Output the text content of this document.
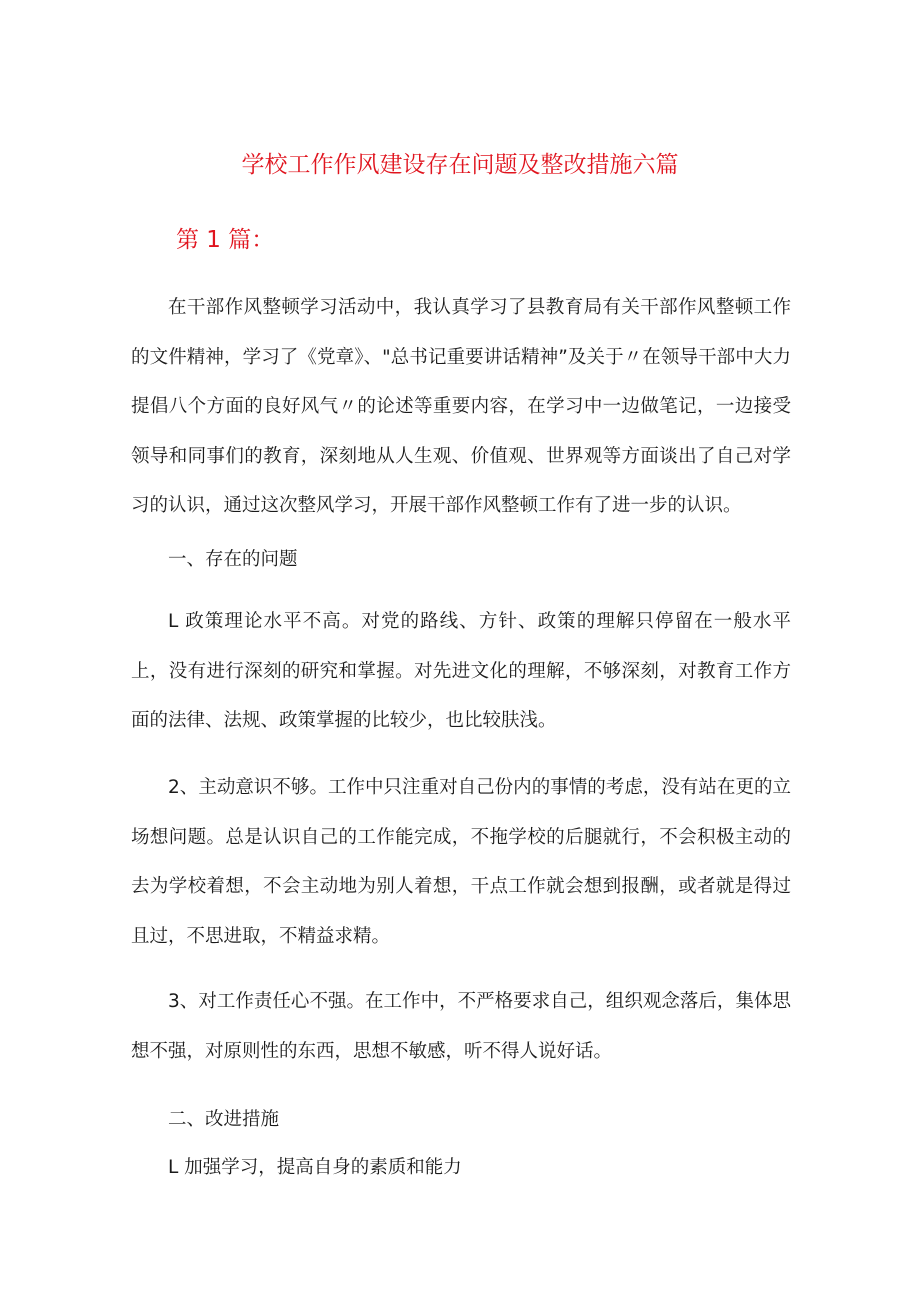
学校工作作风建设存在问题及整改措施六篇
第 1 篇：

在干部作风整顿学习活动中，我认真学习了县教育局有关干部作风整顿工作的文件精神，学习了《党章》、"总书记重要讲话精神”及关于〃在领导干部中大力提倡八个方面的良好风气〃的论述等重要内容，在学习中一边做笔记，一边接受领导和同事们的教育，深刻地从人生观、价值观、世界观等方面谈出了自己对学习的认识，通过这次整风学习，开展干部作风整顿工作有了进一步的认识。

一、存在的问题

L 政策理论水平不高。对党的路线、方针、政策的理解只停留在一般水平上，没有进行深刻的研究和掌握。对先进文化的理解，不够深刻，对教育工作方面的法律、法规、政策掌握的比较少，也比较肤浅。

2、主动意识不够。工作中只注重对自己份内的事情的考虑，没有站在更的立场想问题。总是认识自己的工作能完成，不拖学校的后腿就行，不会积极主动的去为学校着想，不会主动地为别人着想，干点工作就会想到报酬，或者就是得过且过，不思进取，不精益求精。

3、对工作责任心不强。在工作中，不严格要求自己，组织观念落后，集体思想不强，对原则性的东西，思想不敏感，听不得人说好话。

二、改进措施

L 加强学习，提高自身的素质和能力
